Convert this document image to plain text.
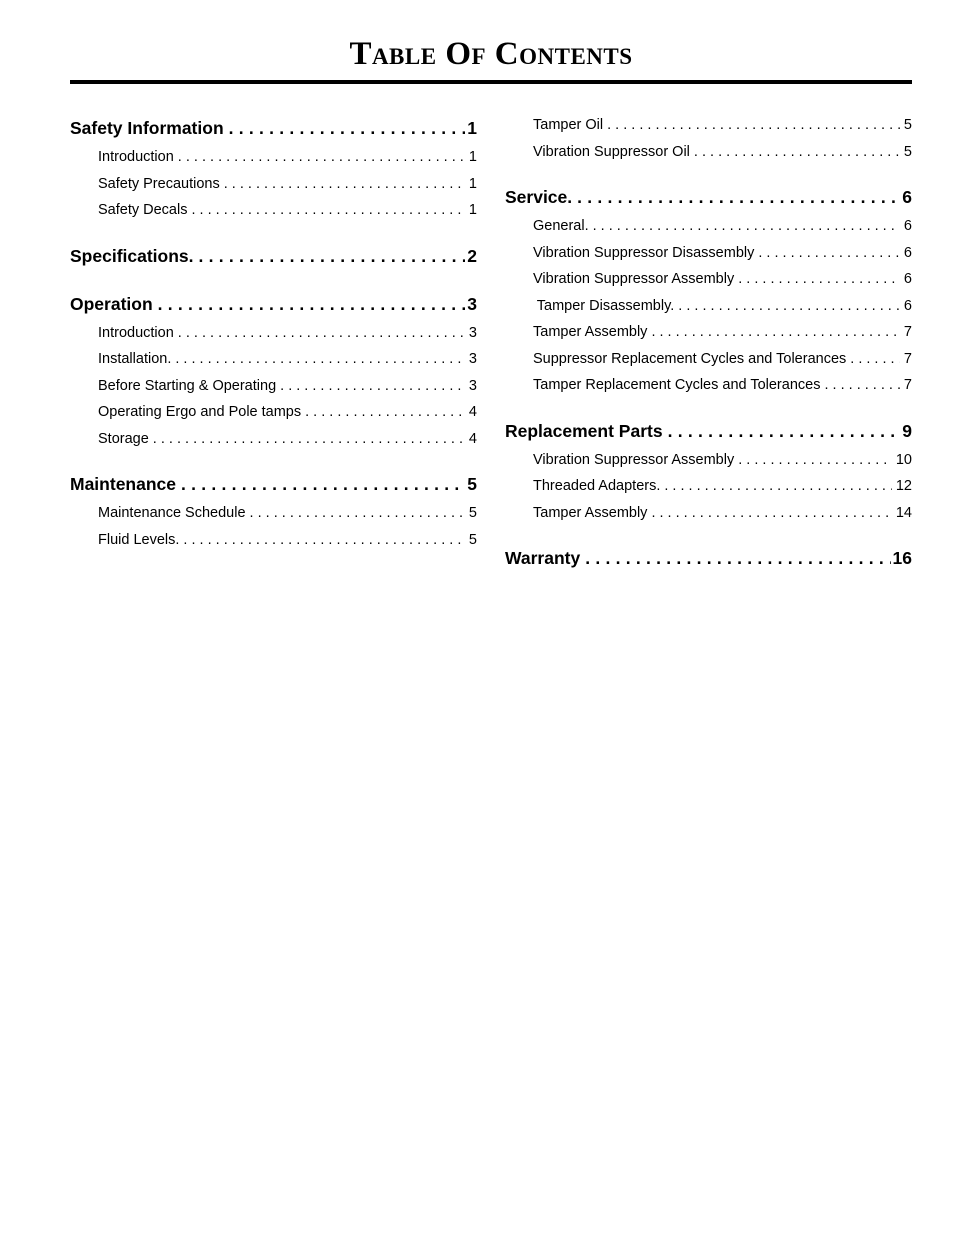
Table Of Contents
Safety Information . . .	1
Introduction . . .	1
Safety Precautions . . .	1
Safety Decals . . .	1
Specifications. . . .	2
Operation . . .	3
Introduction . . .	3
Installation. . . .	3
Before Starting & Operating . . .	3
Operating Ergo and Pole tamps . . .	4
Storage . . .	4
Maintenance . . .	5
Maintenance Schedule . . .	5
Fluid Levels. . . .	5
Tamper Oil . . .	5
Vibration Suppressor Oil . . .	5
Service. . . .	6
General. . . .	6
Vibration Suppressor Disassembly . . .	6
Vibration Suppressor Assembly . . .	6
Tamper Disassembly. . . .	6
Tamper Assembly . . .	7
Suppressor Replacement Cycles and Tolerances . . .	7
Tamper Replacement Cycles and Tolerances . . .	7
Replacement Parts . . .	9
Vibration Suppressor Assembly . . .	10
Threaded Adapters. . . .	12
Tamper Assembly . . .	14
Warranty . . .	16
